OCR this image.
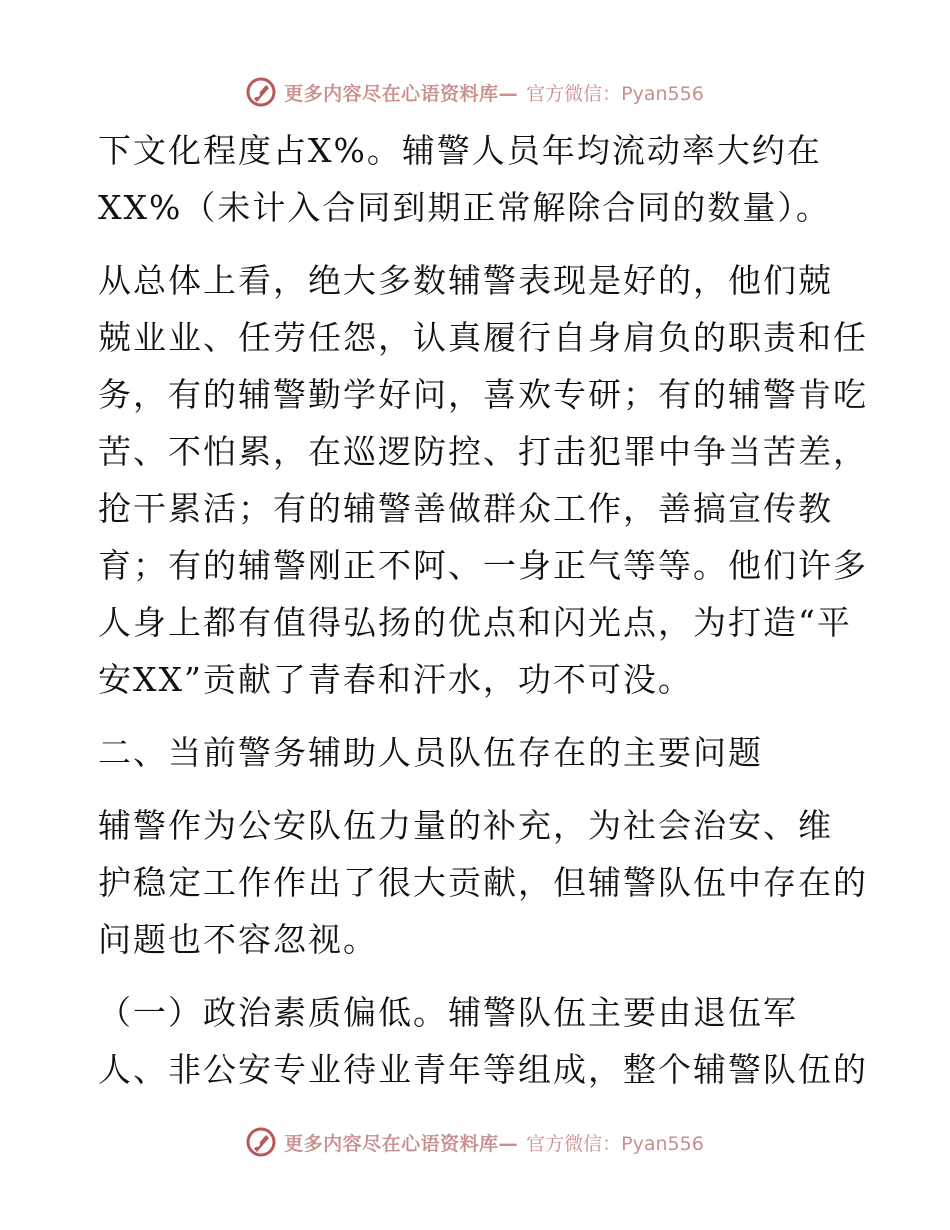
更多内容尽在心语资料库— 官方微信：Pyan556
下文化程度占X%。辅警人员年均流动率大约在
XX%（未计入合同到期正常解除合同的数量）。
从总体上看，绝大多数辅警表现是好的，他们兢
兢业业、任劳任怨，认真履行自身肩负的职责和任
务，有的辅警勤学好问，喜欢专研；有的辅警肯吃
苦、不怕累，在巡逻防控、打击犯罪中争当苦差，
抢干累活；有的辅警善做群众工作，善搞宣传教
育；有的辅警刚正不阿、一身正气等等。他们许多
人身上都有值得弘扬的优点和闪光点，为打造“平
安XX”贡献了青春和汗水，功不可没。
二、当前警务辅助人员队伍存在的主要问题
辅警作为公安队伍力量的补充，为社会治安、维
护稳定工作作出了很大贡献，但辅警队伍中存在的
问题也不容忽视。
（一）政治素质偏低。辅警队伍主要由退伍军
人、非公安专业待业青年等组成，整个辅警队伍的
更多内容尽在心语资料库— 官方微信：Pyan556
